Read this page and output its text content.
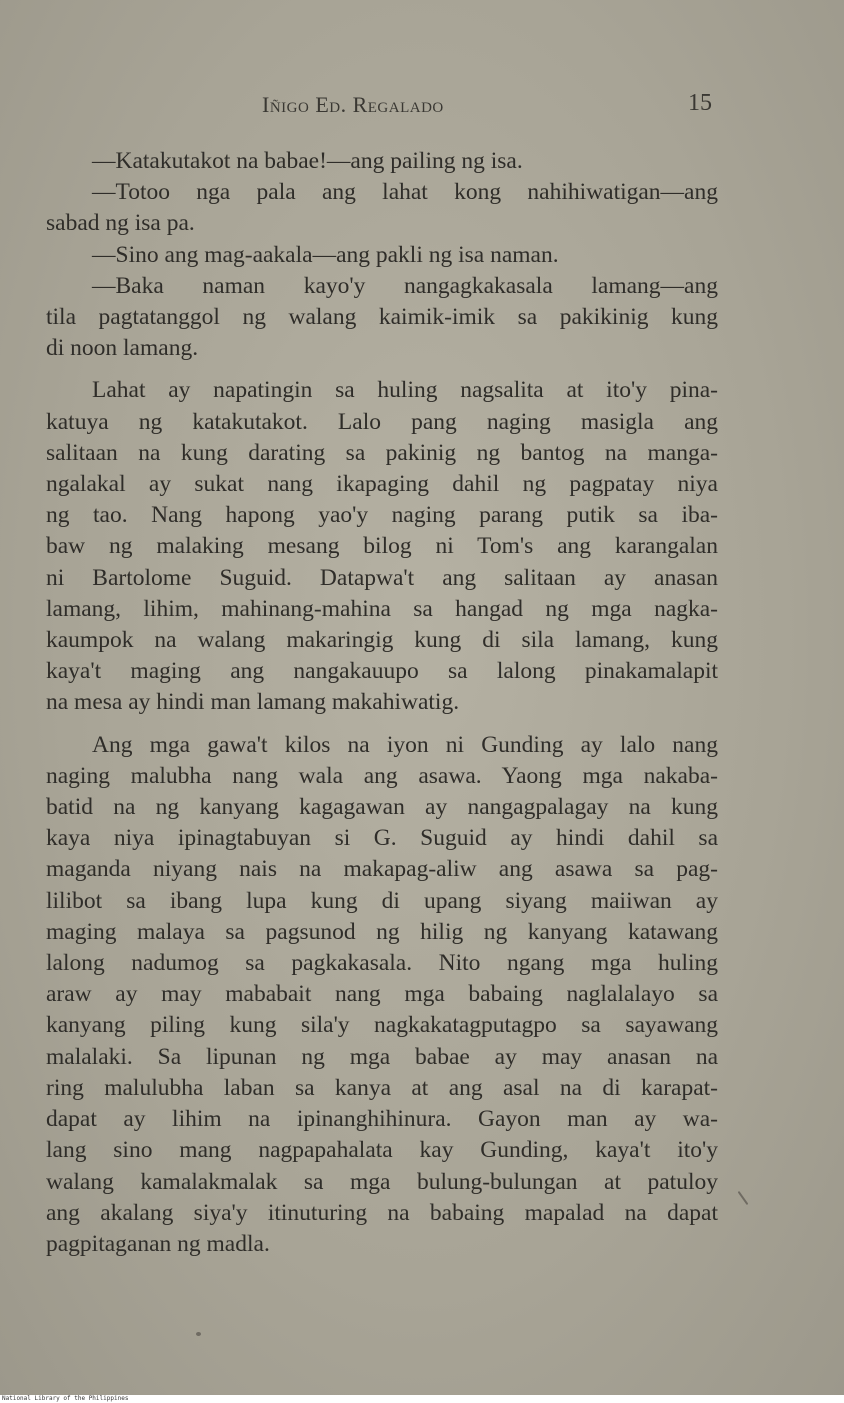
Iñigo Ed. Regalado	15

—Katakutakot na babae!—ang pailing ng isa.

—Totoo nga pala ang lahat kong nahihiwatigan—ang
sabad ng isa pa.

—Sino ang mag-aakala—ang pakli ng isa naman.

—Baka naman kayo'y nangagkakasala lamang—ang
tila pagtatanggol ng walang kaimik-imik sa pakikinig kung
di noon lamang.

Lahat ay napatingin sa huling nagsalita at ito'y pina-
katuya ng katakutakot. Lalo pang naging masigla ang
salitaan na kung darating sa pakinig ng bantog na manga-
ngalakal ay sukat nang ikapaging dahil ng pagpatay niya
ng tao. Nang hapong yao'y naging parang putik sa iba-
baw ng malaking mesang bilog ni Tom's ang karangalan
ni Bartolome Suguid. Datapwa't ang salitaan ay anasan
lamang, lihim, mahinang-mahina sa hangad ng mga nagka-
kaumpok na walang makaringig kung di sila lamang, kung
kaya't maging ang nangakauupo sa lalong pinakamalapit
na mesa ay hindi man lamang makahiwatig.

Ang mga gawa't kilos na iyon ni Gunding ay lalo nang
naging malubha nang wala ang asawa. Yaong mga nakaba-
batid na ng kanyang kagagawan ay nangagpalagay na kung
kaya niya ipinagtabuyan si G. Suguid ay hindi dahil sa
maganda niyang nais na makapag-aliw ang asawa sa pag-
lilibot sa ibang lupa kung di upang siyang maiiwan ay
maging malaya sa pagsunod ng hilig ng kanyang katawang
lalong nadumog sa pagkakasala. Nito ngang mga huling
araw ay may mababait nang mga babaing naglalalayo sa
kanyang piling kung sila'y nagkakatagputagpo sa sayawang
malalaki. Sa lipunan ng mga babae ay may anasan na
ring malulubha laban sa kanya at ang asal na di karapat-
dapat ay lihim na ipinanghihinura. Gayon man ay wa-
lang sino mang nagpapahalata kay Gunding, kaya't ito'y
walang kamalakmalak sa mga bulung-bulungan at patuloy
ang akalang siya'y itinuturing na babaing mapalad na dapat
pagpitaganan ng madla.

National Library of the Philippines
